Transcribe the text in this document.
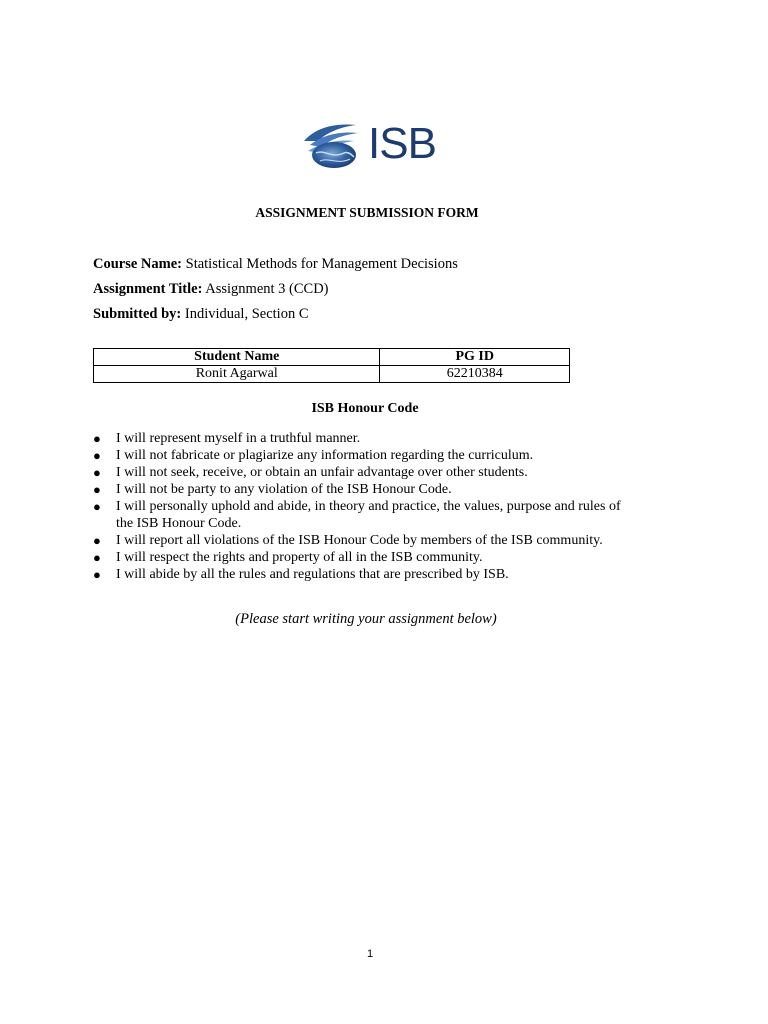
ISB
ASSIGNMENT SUBMISSION FORM
Course Name: Statistical Methods for Management Decisions
Assignment Title: Assignment 3 (CCD)
Submitted by: Individual, Section C
Student Name	PG ID
Ronit Agarwal	62210384
ISB Honour Code
● I will represent myself in a truthful manner.
● I will not fabricate or plagiarize any information regarding the curriculum.
● I will not seek, receive, or obtain an unfair advantage over other students.
● I will not be party to any violation of the ISB Honour Code.
● I will personally uphold and abide, in theory and practice, the values, purpose and rules of the ISB Honour Code.
● I will report all violations of the ISB Honour Code by members of the ISB community.
● I will respect the rights and property of all in the ISB community.
● I will abide by all the rules and regulations that are prescribed by ISB.
(Please start writing your assignment below)
1
